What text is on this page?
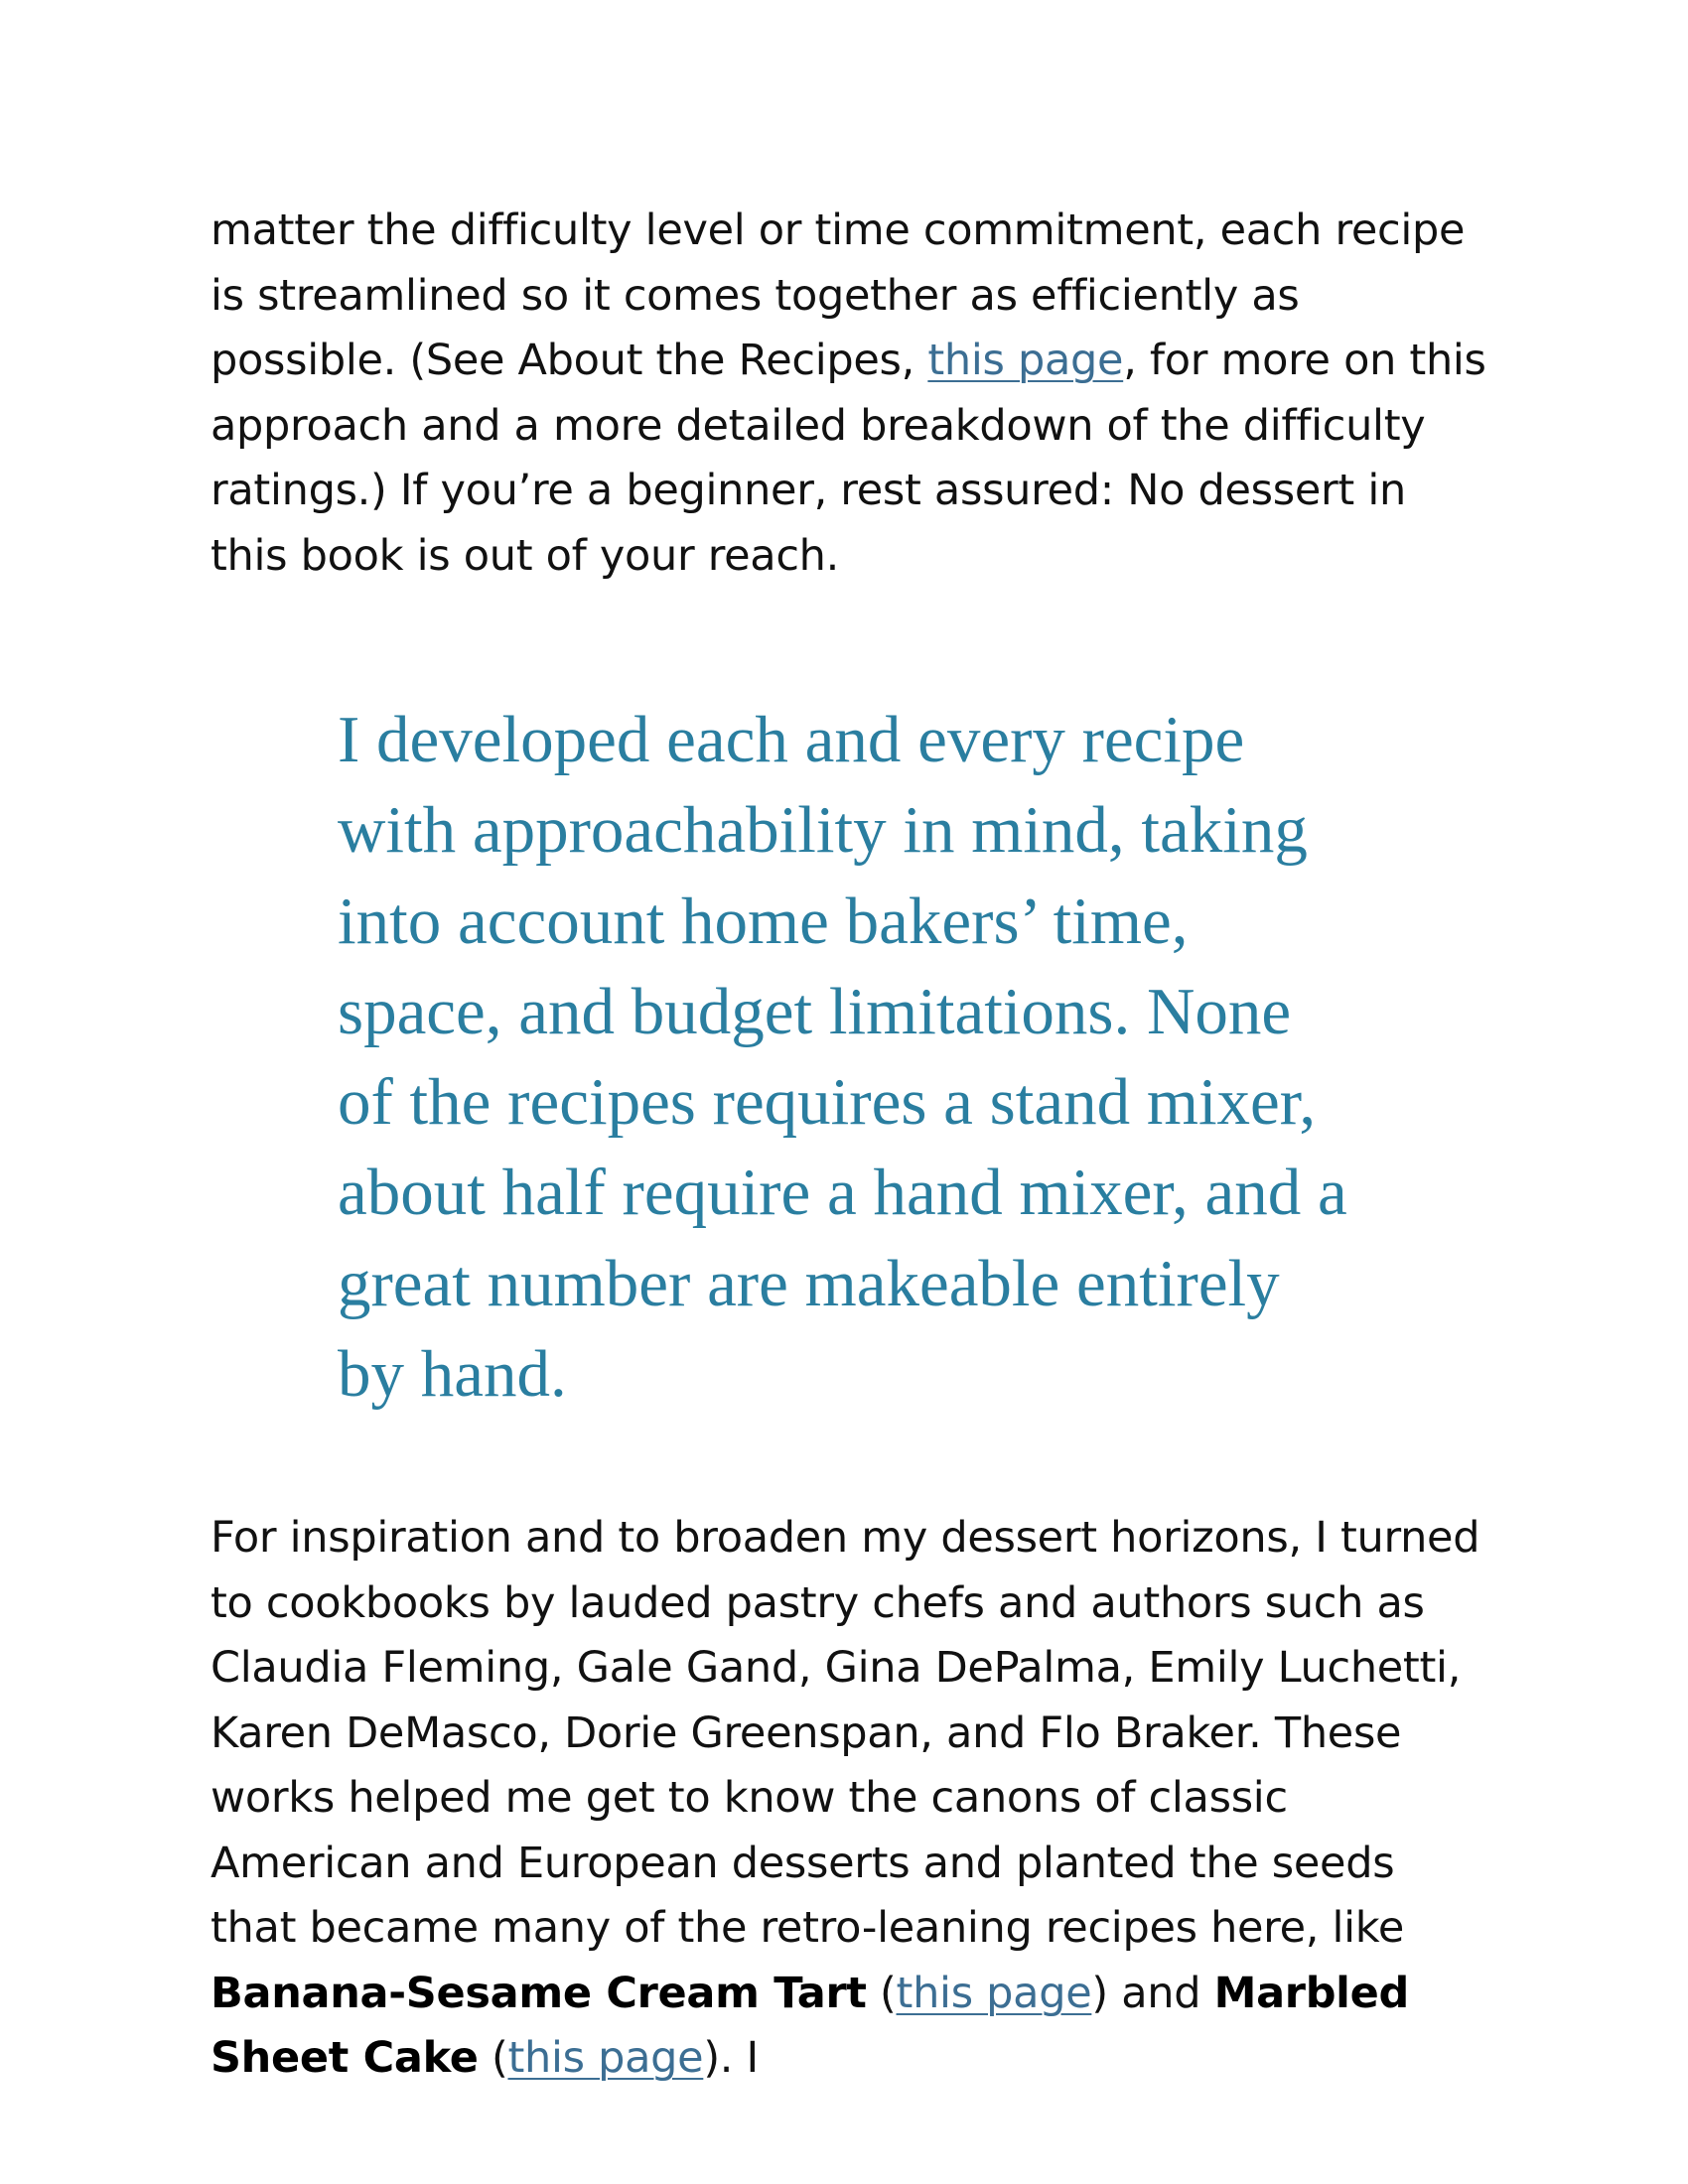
matter the difficulty level or time commitment, each recipe is streamlined so it comes together as efficiently as possible. (See About the Recipes, this page, for more on this approach and a more detailed breakdown of the difficulty ratings.) If you’re a beginner, rest assured: No dessert in this book is out of your reach.

I developed each and every recipe with approachability in mind, taking into account home bakers’ time, space, and budget limitations. None of the recipes requires a stand mixer, about half require a hand mixer, and a great number are makeable entirely by hand.

For inspiration and to broaden my dessert horizons, I turned to cookbooks by lauded pastry chefs and authors such as Claudia Fleming, Gale Gand, Gina DePalma, Emily Luchetti, Karen DeMasco, Dorie Greenspan, and Flo Braker. These works helped me get to know the canons of classic American and European desserts and planted the seeds that became many of the retro-leaning recipes here, like Banana-Sesame Cream Tart (this page) and Marbled Sheet Cake (this page). I
